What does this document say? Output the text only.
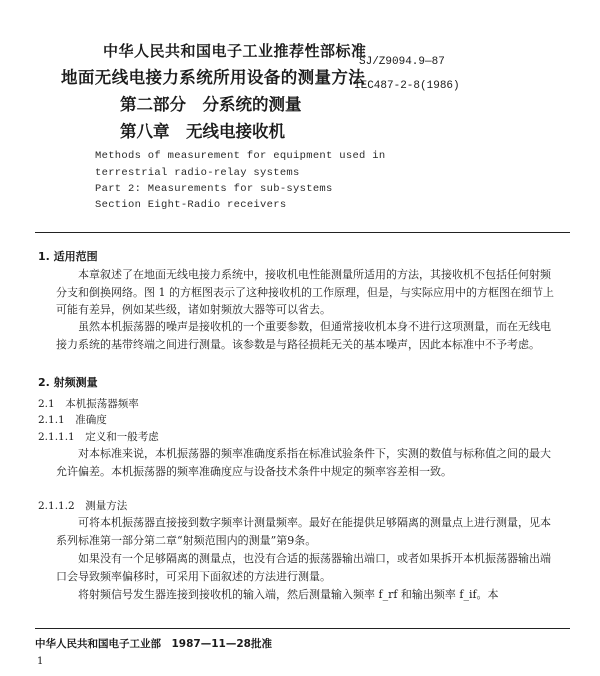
中华人民共和国电子工业推荐性部标准
SJ/Z9094.9—87
IEC487-2-8(1986)
地面无线电接力系统所用设备的测量方法
第二部分　分系统的测量
第八章　无线电接收机
Methods of measurement for equipment used in
terrestrial radio-relay systems
Part 2: Measurements for sub-systems
Section Eight-Radio receivers
1. 适用范围
本章叙述了在地面无线电接力系统中，接收机电性能测量所适用的方法，其接收机不包括任何射频分支和倒换网络。图 1 的方框图表示了这种接收机的工作原理，但是，与实际应用中的方框图在细节上可能有差异，例如某些级，诸如射频放大器等可以省去。
虽然本机振荡器的噪声是接收机的一个重要参数，但通常接收机本身不进行这项测量，而在无线电接力系统的基带终端之间进行测量。该参数是与路径损耗无关的基本噪声，因此本标准中不予考虑。
2. 射频测量
2.1　本机振荡器频率
2.1.1　准确度
2.1.1.1　定义和一般考虑
对本标准来说，本机振荡器的频率准确度系指在标准试验条件下，实测的数值与标称值之间的最大允许偏差。本机振荡器的频率准确度应与设备技术条件中规定的频率容差相一致。
2.1.1.2　测量方法
可将本机振荡器直接接到数字频率计测量频率。最好在能提供足够隔离的测量点上进行测量，见本系列标准第一部分第二章“射频范围内的测量”第9条。
如果没有一个足够隔离的测量点，也没有合适的振荡器输出端口，或者如果拆开本机振荡器输出端口会导致频率偏移时，可采用下面叙述的方法进行测量。
将射频信号发生器连接到接收机的输入端，然后测量输入频率 f_rf 和输出频率 f_if。本
中华人民共和国电子工业部　1987—11—28批准
1
